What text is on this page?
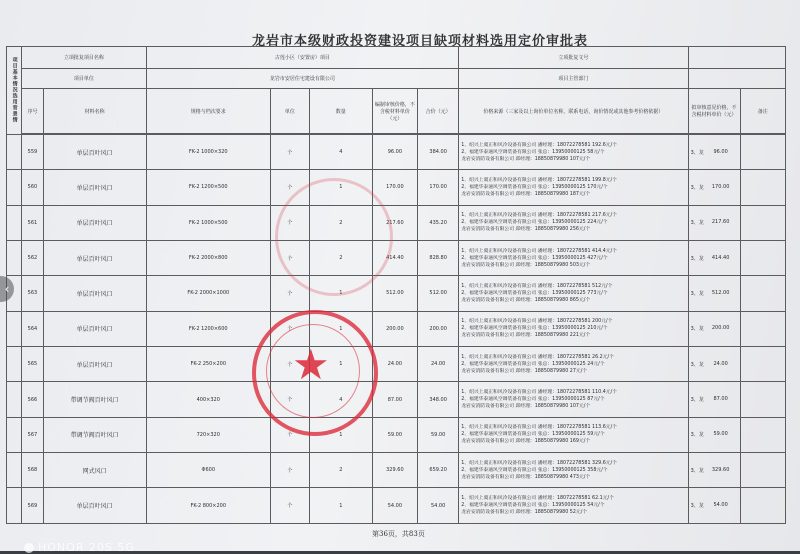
龙岩市本级财政投资建设项目缺项材料选用定价审批表
项目基本情况选用背景情	立项批复项目名称		古莲小区（安置房）项目					立项批复文号		
	项目单位		龙岩市安居住宅建设有限公司					项目主管部门		
	序号	材料名称	规格与档次要求	单位	数量	编制审核价格，不含税材料单价（元）	合价（元）	价格来源（三家及以上询价单位名称，联系电话，询价情况或其他参考价格依据）	拟审核意见价格，不含税材料单价（元）	备注

	559	单层百叶风口	FK-2 1000×320	个	4	96.00	384.00	1、绍兴上虞正和风冷设备有限公司 潘经理：18072278581 192.6元/个
2、福建华泰通风空调装备有限公司 张总：13950000125 58元/个
龙岩安消防设备有限公司 邱经理：18850879980 107元/个	3、龙 96.00	
	560	单层百叶风口	FK-2 1200×500	个	1	170.00	170.00	1、绍兴上虞正和风冷设备有限公司 潘经理：18072278581 199.8元/个
2、福建华泰通风空调装备有限公司 张总：13950000125 170元/个
龙岩安消防设备有限公司 邱经理：18850879980 187元/个	3、龙 170.00	
	561	单层百叶风口	FK-2 1000×500	个	2	217.60	435.20	1、绍兴上虞正和风冷设备有限公司 潘经理：18072278581 217.6元/个
2、福建华泰通风空调装备有限公司 张总：13950000125 224元/个
龙岩安消防设备有限公司 邱经理：18850879980 256元/个	3、龙 217.60	
	562	单层百叶风口	FK-2 2000×800	个	2	414.40	828.80	1、绍兴上虞正和风冷设备有限公司 潘经理：18072278581 414.4元/个
2、福建华泰通风空调装备有限公司 张总：13950000125 427元/个
龙岩安消防设备有限公司 邱经理：18850879980 503元/个	3、龙 414.40	
	563	单层百叶风口	FK-2 2000×1000	个	1	512.00	512.00	1、绍兴上虞正和风冷设备有限公司 潘经理：18072278581 512元/个
2、福建华泰通风空调装备有限公司 张总：13950000125 773元/个
龙岩安消防设备有限公司 邱经理：18850879980 865元/个	3、龙 512.00	
	564	单层百叶风口	FK-2 1200×600	个	1	200.00	200.00	1、绍兴上虞正和风冷设备有限公司 潘经理：18072278581 200元/个
2、福建华泰通风空调装备有限公司 张总：13950000125 210元/个
龙岩安消防设备有限公司 邱经理：18850879980 221元/个	3、龙 200.00	
	565	单层百叶风口	FK-2 250×200	个	1	24.00	24.00	1、绍兴上虞正和风冷设备有限公司 潘经理：18072278581 26.2元/个
2、福建华泰通风空调装备有限公司 张总：13950000125 24元/个
龙岩安消防设备有限公司 邱经理：18850879980 27元/个	3、龙 24.00	
	566	带调节阀百叶风口	400×320	个	4	87.00	348.00	1、绍兴上虞正和风冷设备有限公司 潘经理：18072278581 110.4元/个
2、福建华泰通风空调装备有限公司 张总：13950000125 87元/个
龙岩安消防设备有限公司 邱经理：18850879980 107元/个	3、龙 87.00	
	567	带调节阀百叶风口	720×320	个	1	59.00	59.00	1、绍兴上虞正和风冷设备有限公司 潘经理：18072278581 113.6元/个
2、福建华泰通风空调装备有限公司 张总：13950000125 59元/个
龙岩安消防设备有限公司 邱经理：18850879980 169元/个	3、龙 59.00	
	568	网式风口	Φ600	个	2	329.60	659.20	1、绍兴上虞正和风冷设备有限公司 潘经理：18072278581 329.6元/个
2、福建华泰通风空调装备有限公司 张总：13950000125 358元/个
龙岩安消防设备有限公司 邱经理：18850879980 473元/个	3、龙 329.60	
	569	单层百叶风口	FK-2 800×200	个	1	54.00	54.00	1、绍兴上虞正和风冷设备有限公司 潘经理：18072278581 62.1元/个
2、福建华泰通风空调装备有限公司 张总：13950000125 54元/个
龙岩安消防设备有限公司 邱经理：18850879980 52元/个	3、龙 54.00	
★
第36页，共83页
‹
HONOR 20S 5G
